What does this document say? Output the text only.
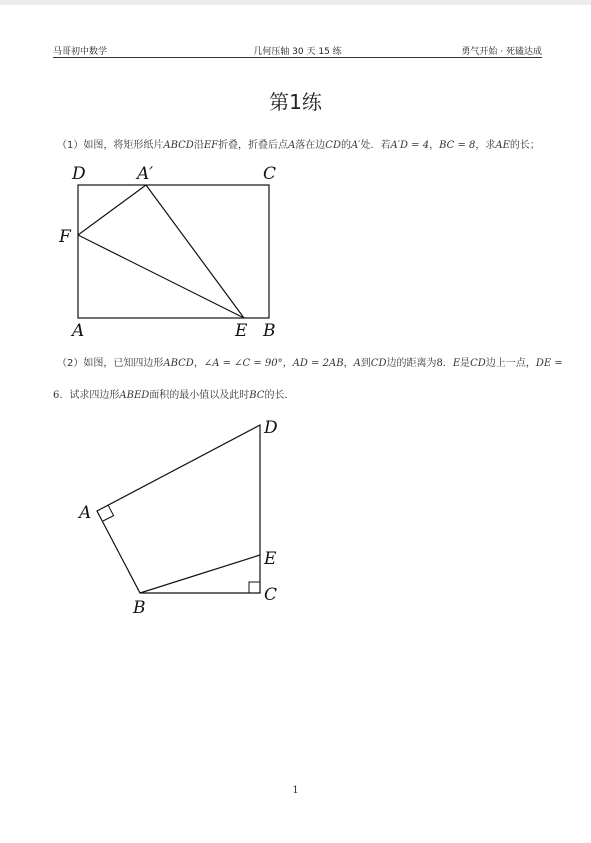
马哥初中数学	几何压轴 30 天 15 练	勇气开始 · 死磕达成
第1练
（1）如图，将矩形纸片ABCD沿EF折叠，折叠后点A落在边CD的A′处．若A′D = 4，BC = 8，求AE的长；
D	A′	C
F
A	E B
（2）如图，已知四边形ABCD，∠A = ∠C = 90°，AD = 2AB，A到CD边的距离为8．E是CD边上一点，DE =
6．试求四边形ABED面积的最小值以及此时BC的长．
D
A
E
C
B
1
